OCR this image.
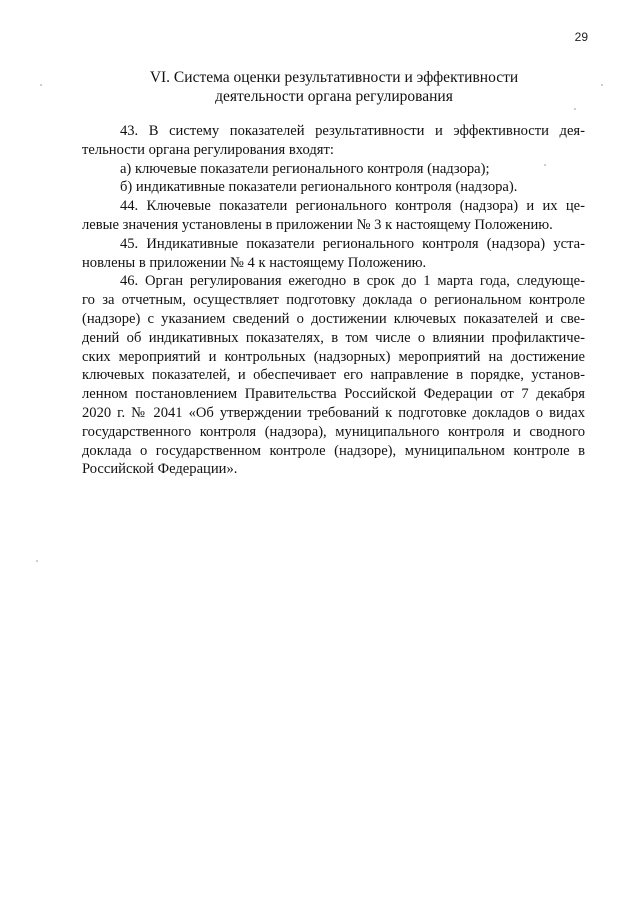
29
VI. Система оценки результативности и эффективности
деятельности органа регулирования
43. В систему показателей результативности и эффективности дея-
тельности органа регулирования входят:
а) ключевые показатели регионального контроля (надзора);
б) индикативные показатели регионального контроля (надзора).
44. Ключевые показатели регионального контроля (надзора) и их це-
левые значения установлены в приложении № 3 к настоящему Положению.
45. Индикативные показатели регионального контроля (надзора) уста-
новлены в приложении № 4 к настоящему Положению.
46. Орган регулирования ежегодно в срок до 1 марта года, следующе-
го за отчетным, осуществляет подготовку доклада о региональном контроле
(надзоре) с указанием сведений о достижении ключевых показателей и све-
дений об индикативных показателях, в том числе о влиянии профилактиче-
ских мероприятий и контрольных (надзорных) мероприятий на достижение
ключевых показателей, и обеспечивает его направление в порядке, установ-
ленном постановлением Правительства Российской Федерации от 7 декабря
2020 г. № 2041 «Об утверждении требований к подготовке докладов о видах
государственного контроля (надзора), муниципального контроля и сводного
доклада о государственном контроле (надзоре), муниципальном контроле в
Российской Федерации».
